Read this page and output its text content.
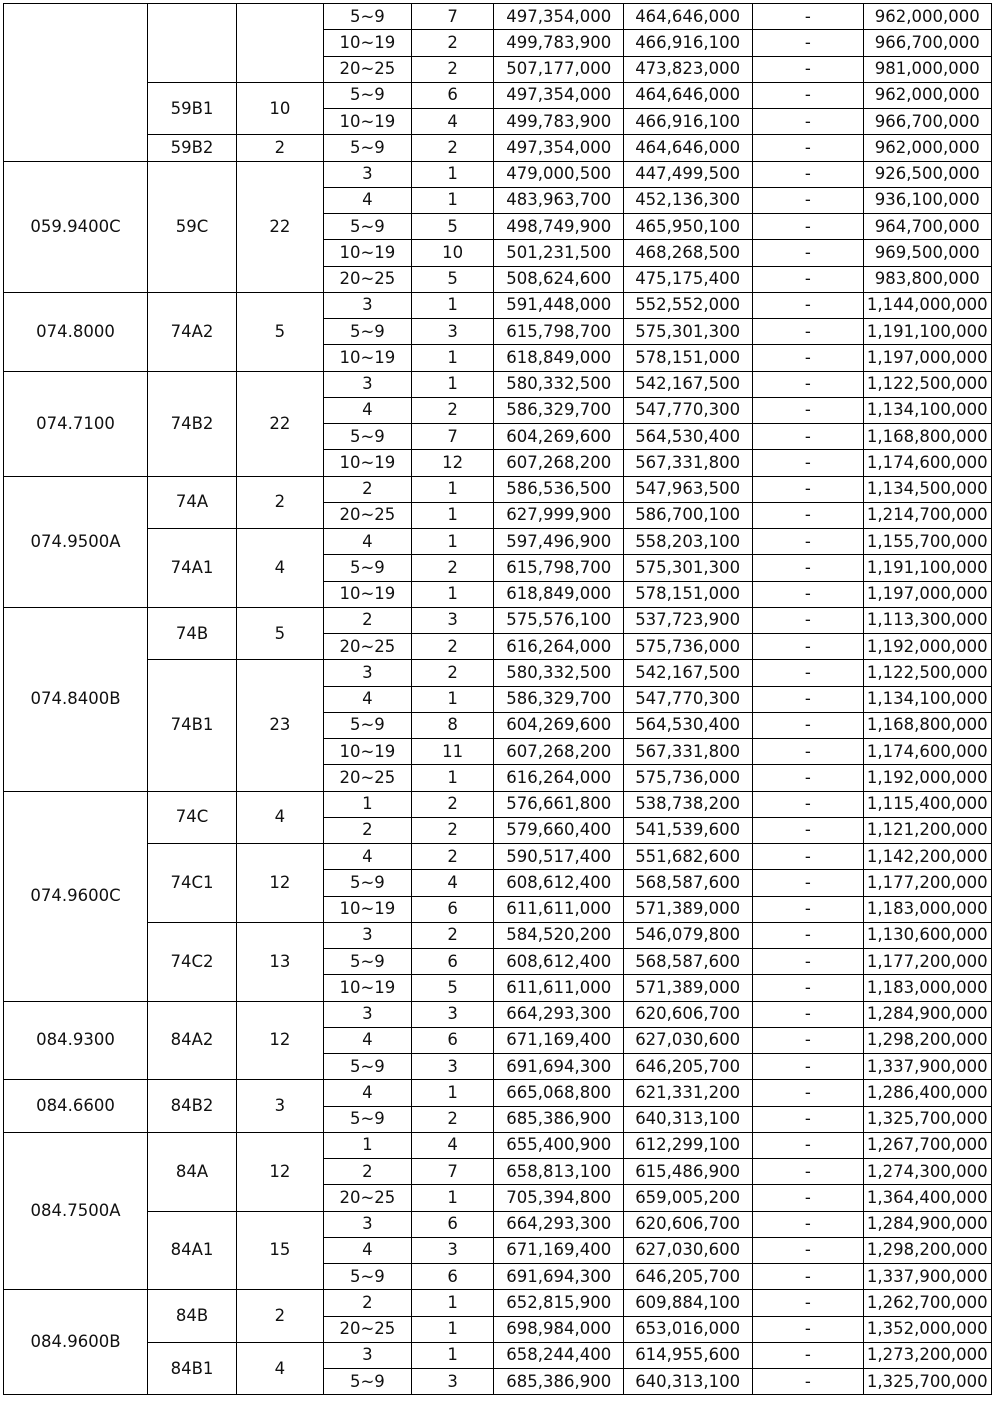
			5~9	7	497,354,000	464,646,000	-	962,000,000
			10~19	2	499,783,900	466,916,100	-	966,700,000
			20~25	2	507,177,000	473,823,000	-	981,000,000
	59B1	10	5~9	6	497,354,000	464,646,000	-	962,000,000
			10~19	4	499,783,900	466,916,100	-	966,700,000
	59B2	2	5~9	2	497,354,000	464,646,000	-	962,000,000
059.9400C	59C	22	3	1	479,000,500	447,499,500	-	926,500,000
			4	1	483,963,700	452,136,300	-	936,100,000
			5~9	5	498,749,900	465,950,100	-	964,700,000
			10~19	10	501,231,500	468,268,500	-	969,500,000
			20~25	5	508,624,600	475,175,400	-	983,800,000
074.8000	74A2	5	3	1	591,448,000	552,552,000	-	1,144,000,000
			5~9	3	615,798,700	575,301,300	-	1,191,100,000
			10~19	1	618,849,000	578,151,000	-	1,197,000,000
074.7100	74B2	22	3	1	580,332,500	542,167,500	-	1,122,500,000
			4	2	586,329,700	547,770,300	-	1,134,100,000
			5~9	7	604,269,600	564,530,400	-	1,168,800,000
			10~19	12	607,268,200	567,331,800	-	1,174,600,000
074.9500A	74A	2	2	1	586,536,500	547,963,500	-	1,134,500,000
			20~25	1	627,999,900	586,700,100	-	1,214,700,000
	74A1	4	4	1	597,496,900	558,203,100	-	1,155,700,000
			5~9	2	615,798,700	575,301,300	-	1,191,100,000
			10~19	1	618,849,000	578,151,000	-	1,197,000,000
074.8400B	74B	5	2	3	575,576,100	537,723,900	-	1,113,300,000
			20~25	2	616,264,000	575,736,000	-	1,192,000,000
	74B1	23	3	2	580,332,500	542,167,500	-	1,122,500,000
			4	1	586,329,700	547,770,300	-	1,134,100,000
			5~9	8	604,269,600	564,530,400	-	1,168,800,000
			10~19	11	607,268,200	567,331,800	-	1,174,600,000
			20~25	1	616,264,000	575,736,000	-	1,192,000,000
074.9600C	74C	4	1	2	576,661,800	538,738,200	-	1,115,400,000
			2	2	579,660,400	541,539,600	-	1,121,200,000
	74C1	12	4	2	590,517,400	551,682,600	-	1,142,200,000
			5~9	4	608,612,400	568,587,600	-	1,177,200,000
			10~19	6	611,611,000	571,389,000	-	1,183,000,000
	74C2	13	3	2	584,520,200	546,079,800	-	1,130,600,000
			5~9	6	608,612,400	568,587,600	-	1,177,200,000
			10~19	5	611,611,000	571,389,000	-	1,183,000,000
084.9300	84A2	12	3	3	664,293,300	620,606,700	-	1,284,900,000
			4	6	671,169,400	627,030,600	-	1,298,200,000
			5~9	3	691,694,300	646,205,700	-	1,337,900,000
084.6600	84B2	3	4	1	665,068,800	621,331,200	-	1,286,400,000
			5~9	2	685,386,900	640,313,100	-	1,325,700,000
084.7500A	84A	12	1	4	655,400,900	612,299,100	-	1,267,700,000
			2	7	658,813,100	615,486,900	-	1,274,300,000
			20~25	1	705,394,800	659,005,200	-	1,364,400,000
	84A1	15	3	6	664,293,300	620,606,700	-	1,284,900,000
			4	3	671,169,400	627,030,600	-	1,298,200,000
			5~9	6	691,694,300	646,205,700	-	1,337,900,000
084.9600B	84B	2	2	1	652,815,900	609,884,100	-	1,262,700,000
			20~25	1	698,984,000	653,016,000	-	1,352,000,000
	84B1	4	3	1	658,244,400	614,955,600	-	1,273,200,000
			5~9	3	685,386,900	640,313,100	-	1,325,700,000
